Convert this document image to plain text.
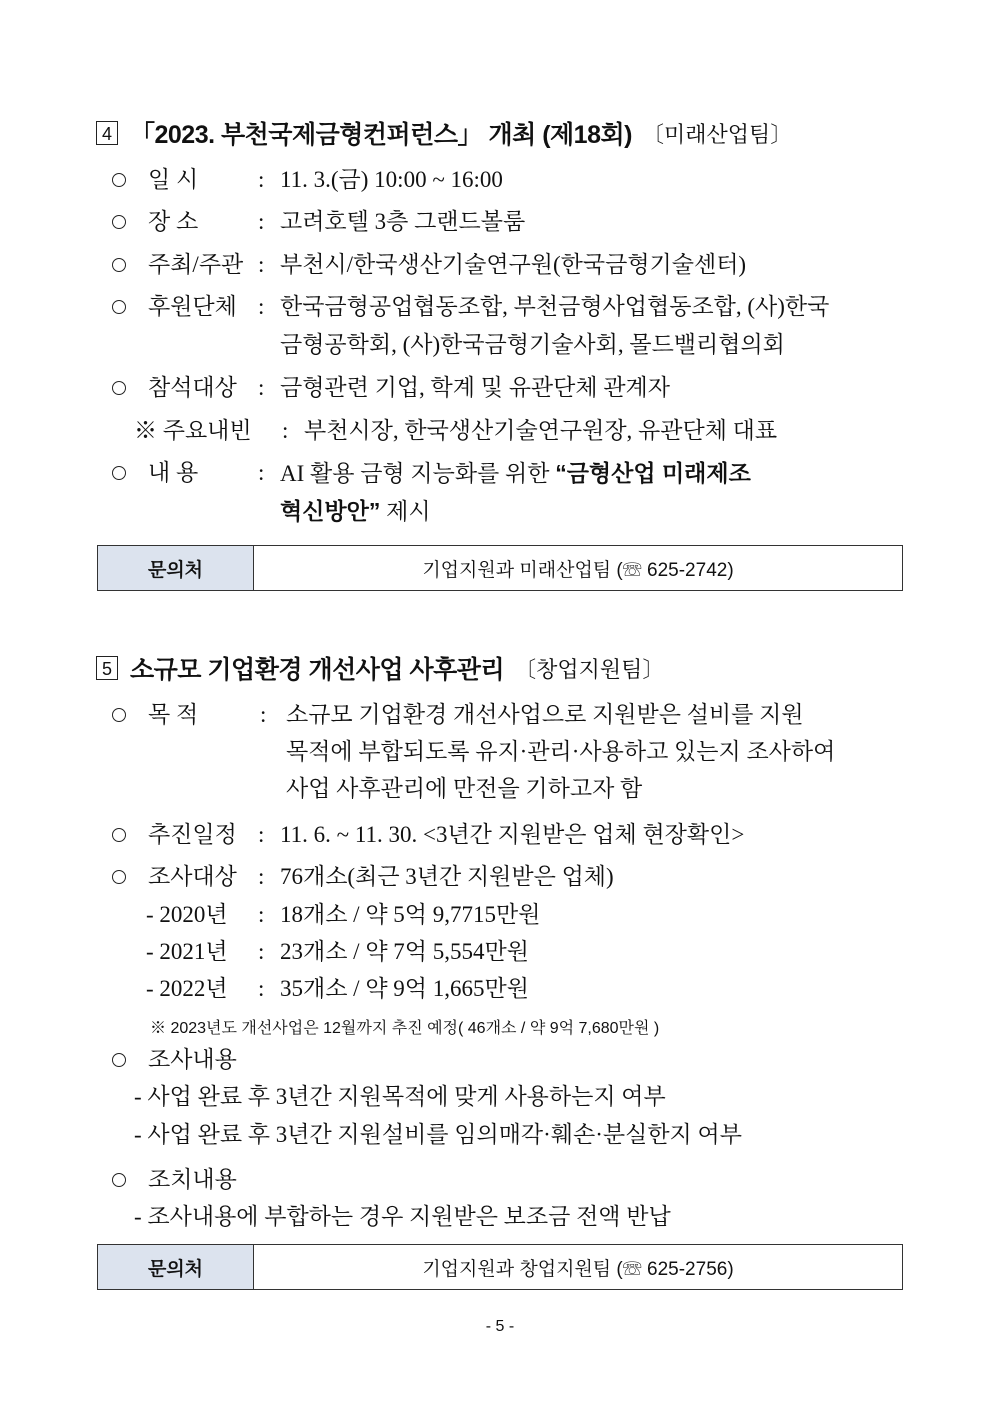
4 「2023. 부천국제금형컨퍼런스」 개최 (제18회) 〔미래산업팀〕
일 시	: 11. 3.(금) 10:00 ~ 16:00
장 소	: 고려호텔 3층 그랜드볼룸
주최/주관 : 부천시/한국생산기술연구원(한국금형기술센터)
후원단체 : 한국금형공업협동조합, 부천금형사업협동조합, (사)한국
금형공학회, (사)한국금형기술사회, 몰드밸리협의회
참석대상 : 금형관련 기업, 학계 및 유관단체 관계자
※ 주요내빈 : 부천시장, 한국생산기술연구원장, 유관단체 대표
내 용	: AI 활용 금형 지능화를 위한 “금형산업 미래제조
혁신방안” 제시
문의처	기업지원과 미래산업팀 (☏ 625-2742)
5 소규모 기업환경 개선사업 사후관리 〔창업지원팀〕
목 적	: 소규모 기업환경 개선사업으로 지원받은 설비를 지원
목적에 부합되도록 유지·관리·사용하고 있는지 조사하여
사업 사후관리에 만전을 기하고자 함
추진일정 : 11. 6. ~ 11. 30. <3년간 지원받은 업체 현장확인>
조사대상 : 76개소(최근 3년간 지원받은 업체)
- 2020년 : 18개소 / 약 5억 9,7715만원
- 2021년 : 23개소 / 약 7억 5,554만원
- 2022년 : 35개소 / 약 9억 1,665만원
※ 2023년도 개선사업은 12월까지 추진 예정( 46개소 / 약 9억 7,680만원 )
조사내용
- 사업 완료 후 3년간 지원목적에 맞게 사용하는지 여부
- 사업 완료 후 3년간 지원설비를 임의매각·훼손·분실한지 여부
조치내용
- 조사내용에 부합하는 경우 지원받은 보조금 전액 반납
문의처	기업지원과 창업지원팀 (☏ 625-2756)
- 5 -
